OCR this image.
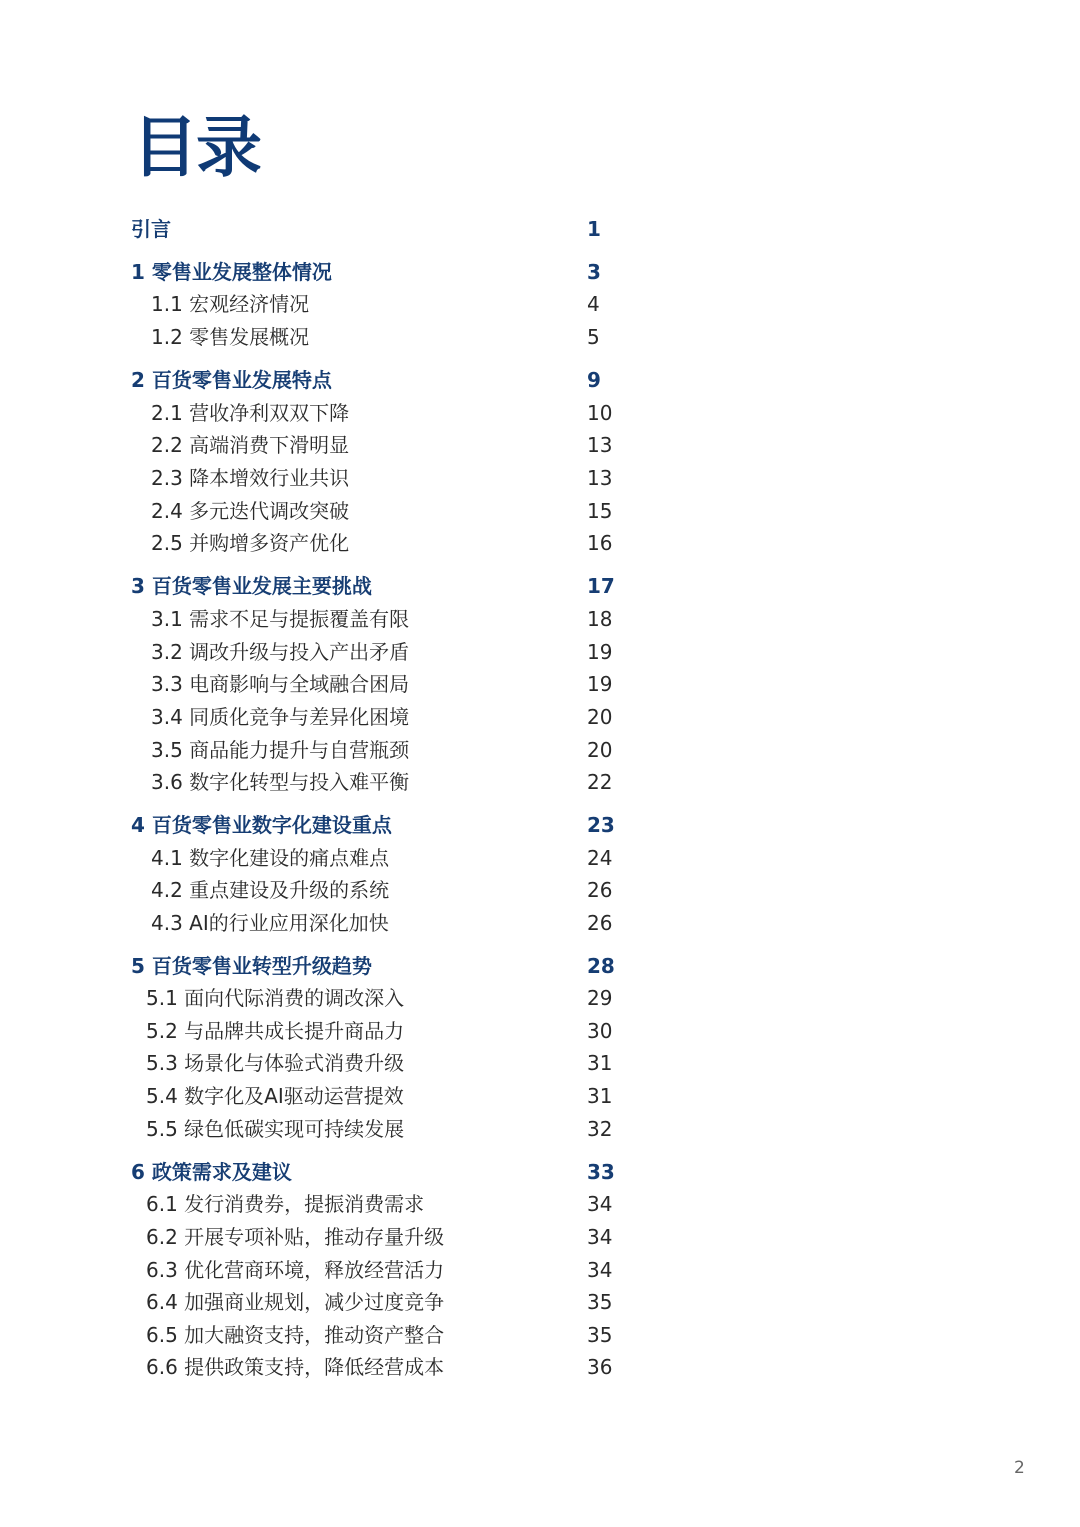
目录
引言	1
1 零售业发展整体情况	3
1.1 宏观经济情况	4
1.2 零售发展概况	5
2 百货零售业发展特点	9
2.1 营收净利双双下降	10
2.2 高端消费下滑明显	13
2.3 降本增效行业共识	13
2.4 多元迭代调改突破	15
2.5 并购增多资产优化	16
3 百货零售业发展主要挑战	17
3.1 需求不足与提振覆盖有限	18
3.2 调改升级与投入产出矛盾	19
3.3 电商影响与全域融合困局	19
3.4 同质化竞争与差异化困境	20
3.5 商品能力提升与自营瓶颈	20
3.6 数字化转型与投入难平衡	22
4 百货零售业数字化建设重点	23
4.1 数字化建设的痛点难点	24
4.2 重点建设及升级的系统	26
4.3 AI的行业应用深化加快	26
5 百货零售业转型升级趋势	28
5.1 面向代际消费的调改深入	29
5.2 与品牌共成长提升商品力	30
5.3 场景化与体验式消费升级	31
5.4 数字化及AI驱动运营提效	31
5.5 绿色低碳实现可持续发展	32
6 政策需求及建议	33
6.1 发行消费券，提振消费需求	34
6.2 开展专项补贴，推动存量升级	34
6.3 优化营商环境，释放经营活力	34
6.4 加强商业规划，减少过度竞争	35
6.5 加大融资支持，推动资产整合	35
6.6 提供政策支持，降低经营成本	36
2
